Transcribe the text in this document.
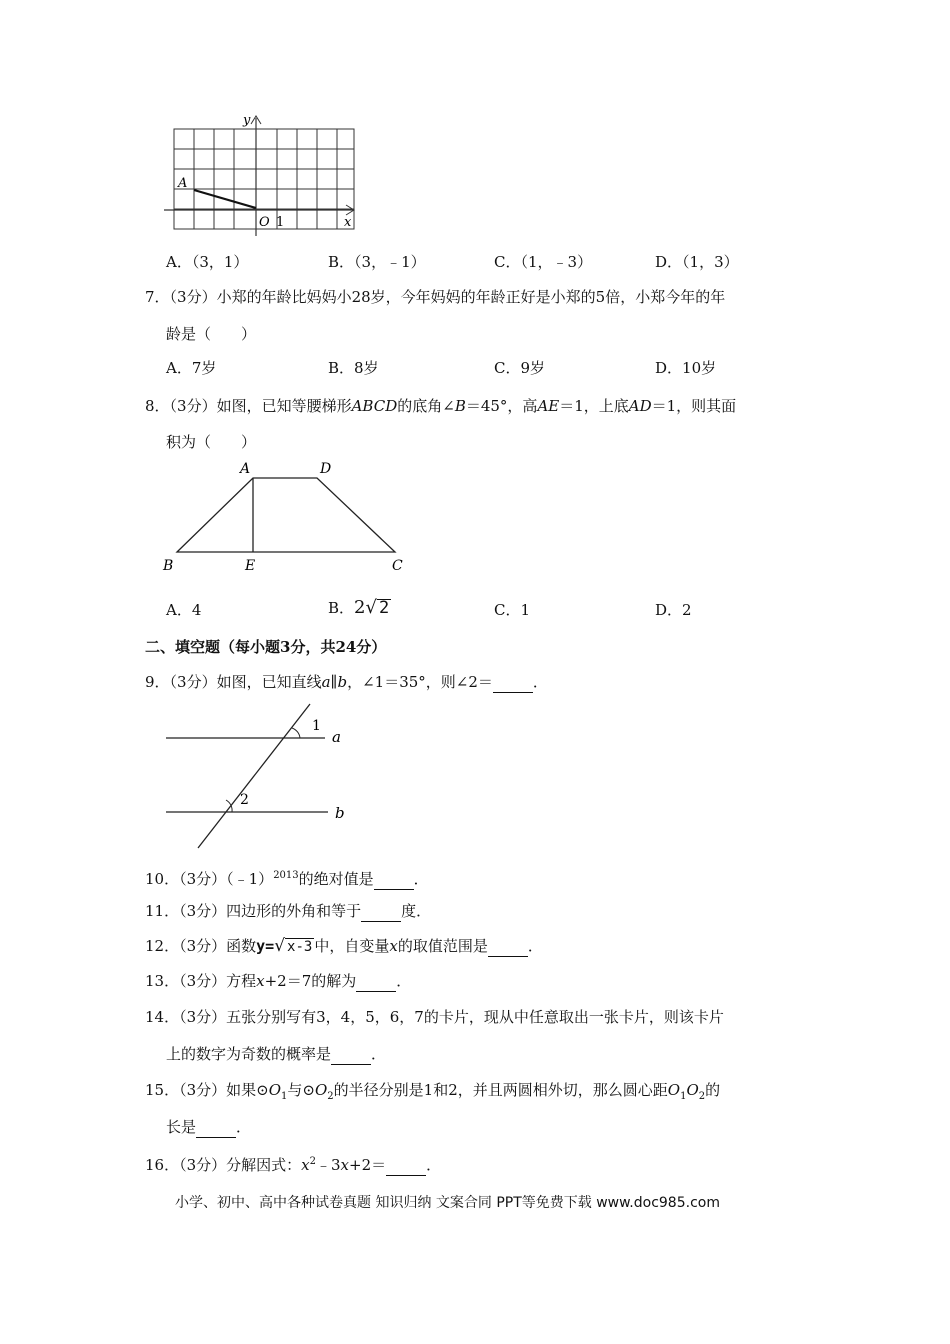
y
A
O 1	x
A．（3，1）	B．（3，﹣1）	C．（1，﹣3）	D．（1，3）
7．（3分）小郑的年龄比妈妈小28岁，今年妈妈的年龄正好是小郑的5倍，小郑今年的年
龄是（　　）
A．7岁	B．8岁	C．9岁	D．10岁
8．（3分）如图，已知等腰梯形ABCD的底角∠B＝45°，高AE＝1，上底AD＝1，则其面
积为（　　）
A	D
B	E	C
A．4	B．2√ 2	C．1	D．2
二、填空题（每小题3分，共24分）
9．（3分）如图，已知直线a∥b，∠1＝35°，则∠2＝	．
1
2
a
b
10．（3分）（﹣1）$^{2013}$的绝对值是	．
11．（3分）四边形的外角和等于	度．
12．（3分）函数y=√ x-3 中，自变量x的取值范围是	．
13．（3分）方程x+2＝7的解为	．
14．（3分）五张分别写有3，4，5，6，7的卡片，现从中任意取出一张卡片，则该卡片
上的数字为奇数的概率是	．
15．（3分）如果$⊙O_1$与$⊙O_2$的半径分别是1和2，并且两圆相外切，那么圆心距$O_1O_2$的
长是	．
16．（3分）分解因式：$x^2﹣3x+2=$	．
小学、初中、高中各种试卷真题 知识归纳 文案合同 PPT等免费下载 www.doc985.com
